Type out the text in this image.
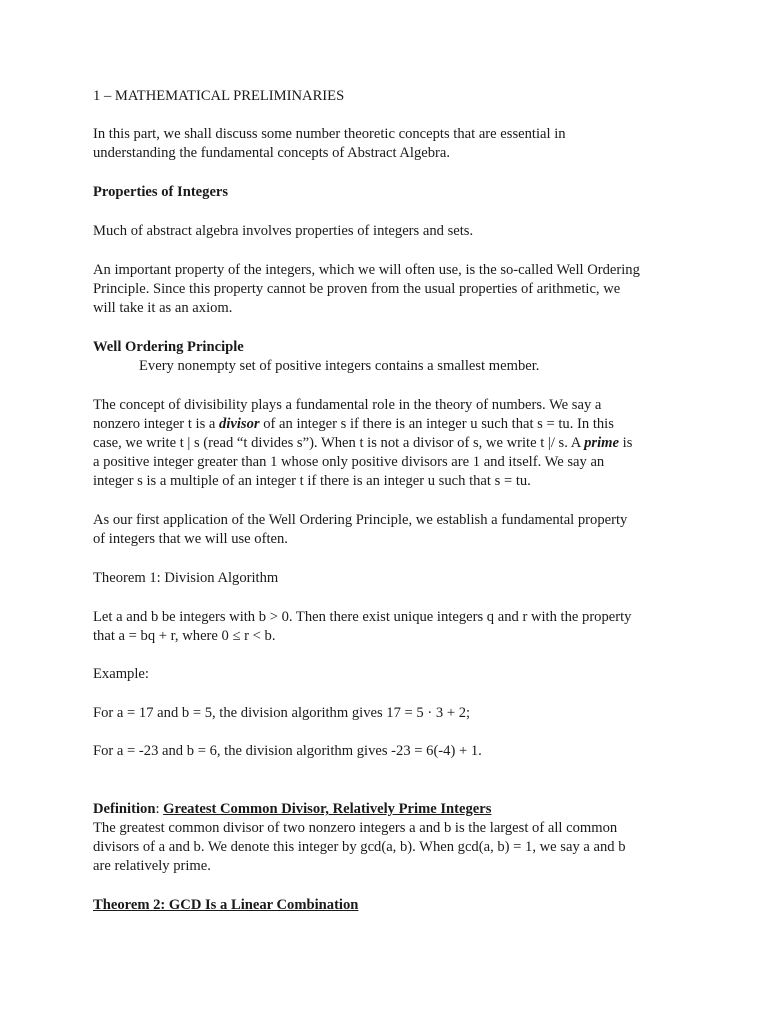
1 – MATHEMATICAL PRELIMINARIES
In this part, we shall discuss some number theoretic concepts that are essential in
understanding the fundamental concepts of Abstract Algebra.
Properties of Integers
Much of abstract algebra involves properties of integers and sets.
An important property of the integers, which we will often use, is the so-called Well Ordering
Principle. Since this property cannot be proven from the usual properties of arithmetic, we
will take it as an axiom.
Well Ordering Principle
Every nonempty set of positive integers contains a smallest member.
The concept of divisibility plays a fundamental role in the theory of numbers. We say a
nonzero integer t is a divisor of an integer s if there is an integer u such that s = tu. In this
case, we write t | s (read “t divides s”). When t is not a divisor of s, we write t |/ s. A prime is
a positive integer greater than 1 whose only positive divisors are 1 and itself. We say an
integer s is a multiple of an integer t if there is an integer u such that s = tu.
As our first application of the Well Ordering Principle, we establish a fundamental property
of integers that we will use often.
Theorem 1: Division Algorithm
Let a and b be integers with b > 0. Then there exist unique integers q and r with the property
that a = bq + r, where 0 ≤ r < b.
Example:
For a = 17 and b = 5, the division algorithm gives 17 = 5 · 3 + 2;
For a = -23 and b = 6, the division algorithm gives -23 = 6(-4) + 1.
Definition: Greatest Common Divisor, Relatively Prime Integers
The greatest common divisor of two nonzero integers a and b is the largest of all common
divisors of a and b. We denote this integer by gcd(a, b). When gcd(a, b) = 1, we say a and b
are relatively prime.
Theorem 2: GCD Is a Linear Combination
